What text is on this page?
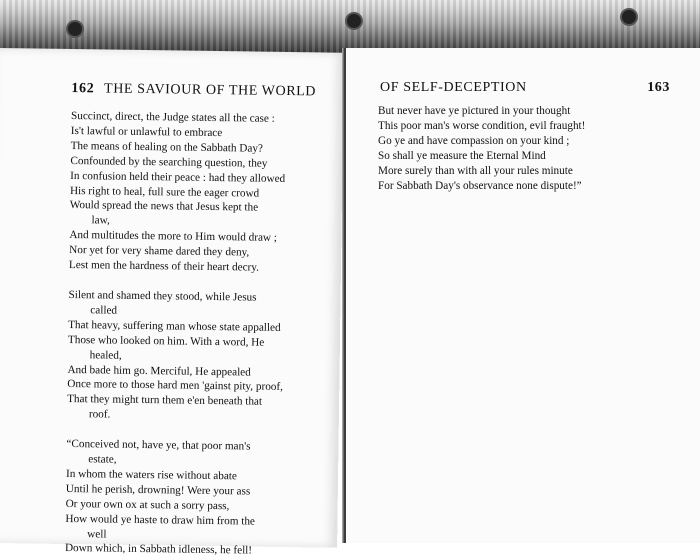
162 THE SAVIOUR OF THE WORLD
Succinct, direct, the Judge states all the case :
Is't lawful or unlawful to embrace
The means of healing on the Sabbath Day?
Confounded by the searching question, they
In confusion held their peace : had they allowed
His right to heal, full sure the eager crowd
Would spread the news that Jesus kept the
law,
And multitudes the more to Him would draw ;
Nor yet for very shame dared they deny,
Lest men the hardness of their heart decry.
Silent and shamed they stood, while Jesus
called
That heavy, suffering man whose state appalled
Those who looked on him. With a word, He
healed,
And bade him go. Merciful, He appealed
Once more to those hard men 'gainst pity, proof,
That they might turn them e'en beneath that
roof.
“Conceived not, have ye, that poor man's
estate,
In whom the waters rise without abate
Until he perish, drowning! Were your ass
Or your own ox at such a sorry pass,
How would ye haste to draw him from the
well
Down which, in Sabbath idleness, he fell!
OF SELF-DECEPTION	163
But never have ye pictured in your thought
This poor man's worse condition, evil fraught!
Go ye and have compassion on your kind ;
So shall ye measure the Eternal Mind
More surely than with all your rules minute
For Sabbath Day's observance none dispute!”
